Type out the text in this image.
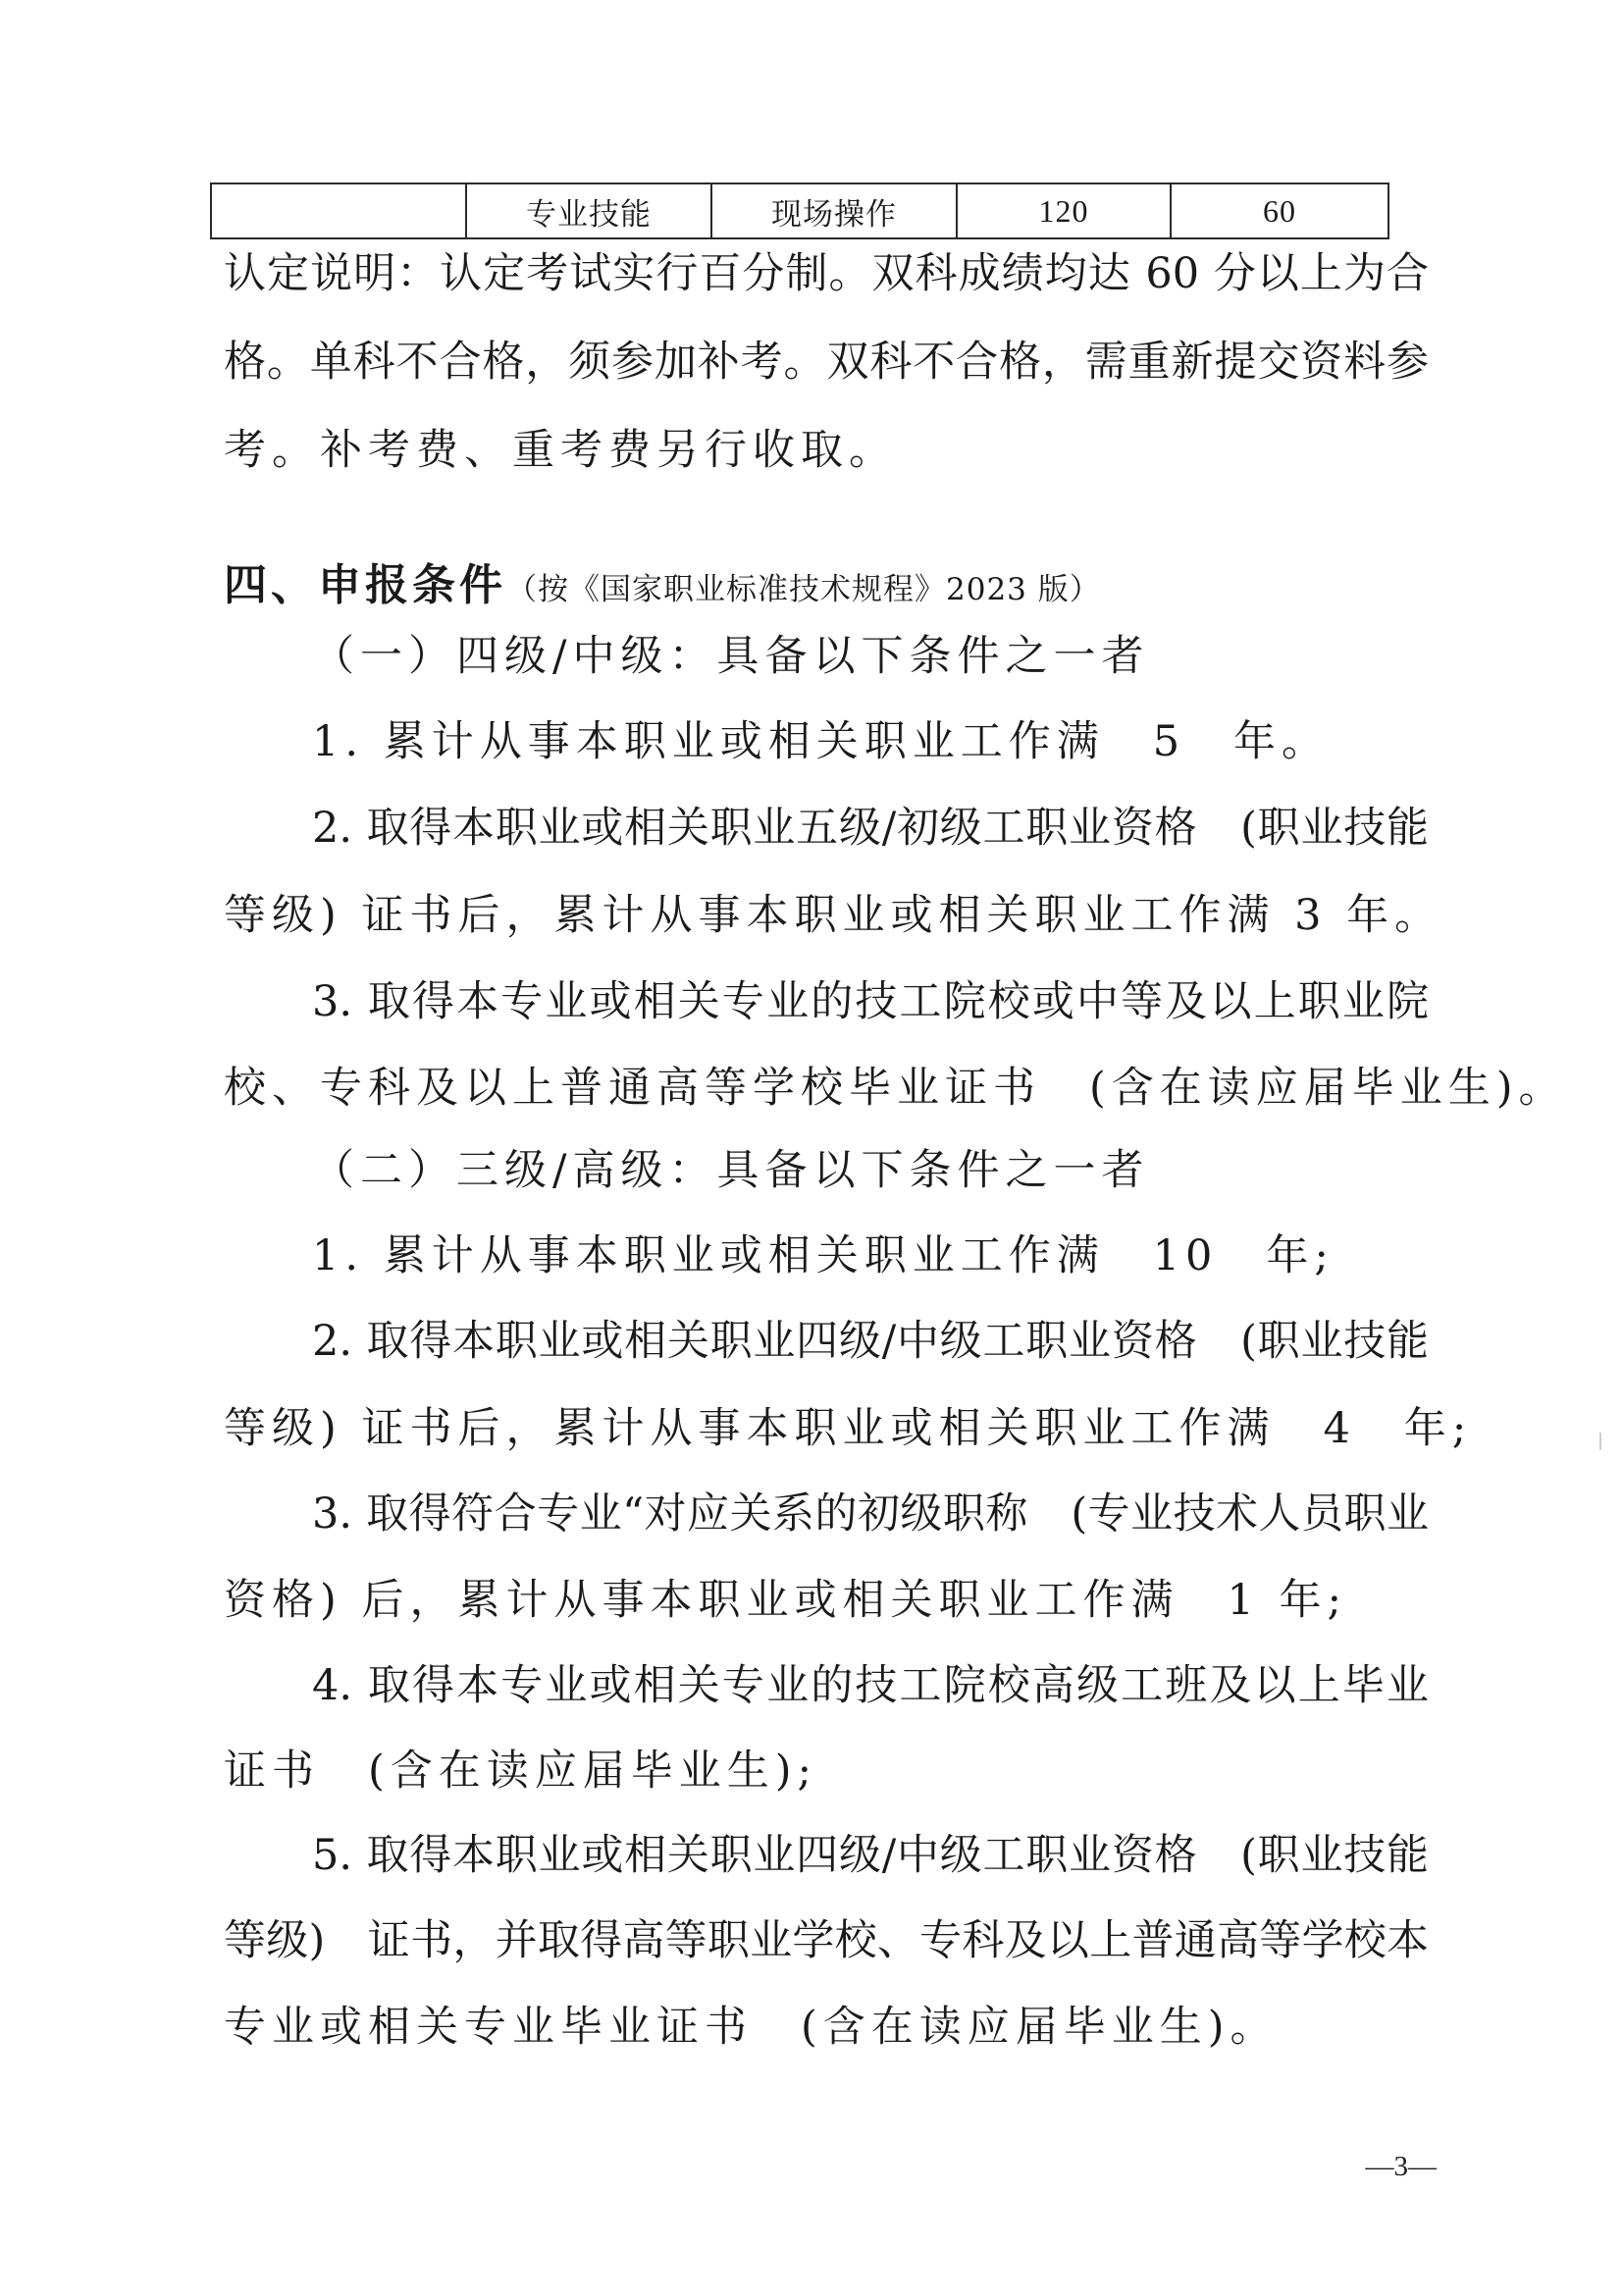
	专业技能	现场操作	120	60
认定说明：认定考试实行百分制。双科成绩均达 60 分以上为合
格。单科不合格，须参加补考。双科不合格，需重新提交资料参
考。补考费、重考费另行收取。
四、申报条件（按《国家职业标准技术规程》2023 版）
（一）四级/中级：具备以下条件之一者
1. 累计从事本职业或相关职业工作满　5　年。
2. 取得本职业或相关职业五级/初级工职业资格　(职业技能
等级) 证书后，累计从事本职业或相关职业工作满 3 年。
3. 取得本专业或相关专业的技工院校或中等及以上职业院
校、专科及以上普通高等学校毕业证书　(含在读应届毕业生)。
（二）三级/高级：具备以下条件之一者
1. 累计从事本职业或相关职业工作满　10　年;
2. 取得本职业或相关职业四级/中级工职业资格　(职业技能
等级) 证书后，累计从事本职业或相关职业工作满　4　年;
3. 取得符合专业“对应关系的初级职称　(专业技术人员职业
资格) 后，累计从事本职业或相关职业工作满　1 年;
4. 取得本专业或相关专业的技工院校高级工班及以上毕业
证书　(含在读应届毕业生);
5. 取得本职业或相关职业四级/中级工职业资格　(职业技能
等级)　证书，并取得高等职业学校、专科及以上普通高等学校本
专业或相关专业毕业证书　(含在读应届毕业生)。
—3—
